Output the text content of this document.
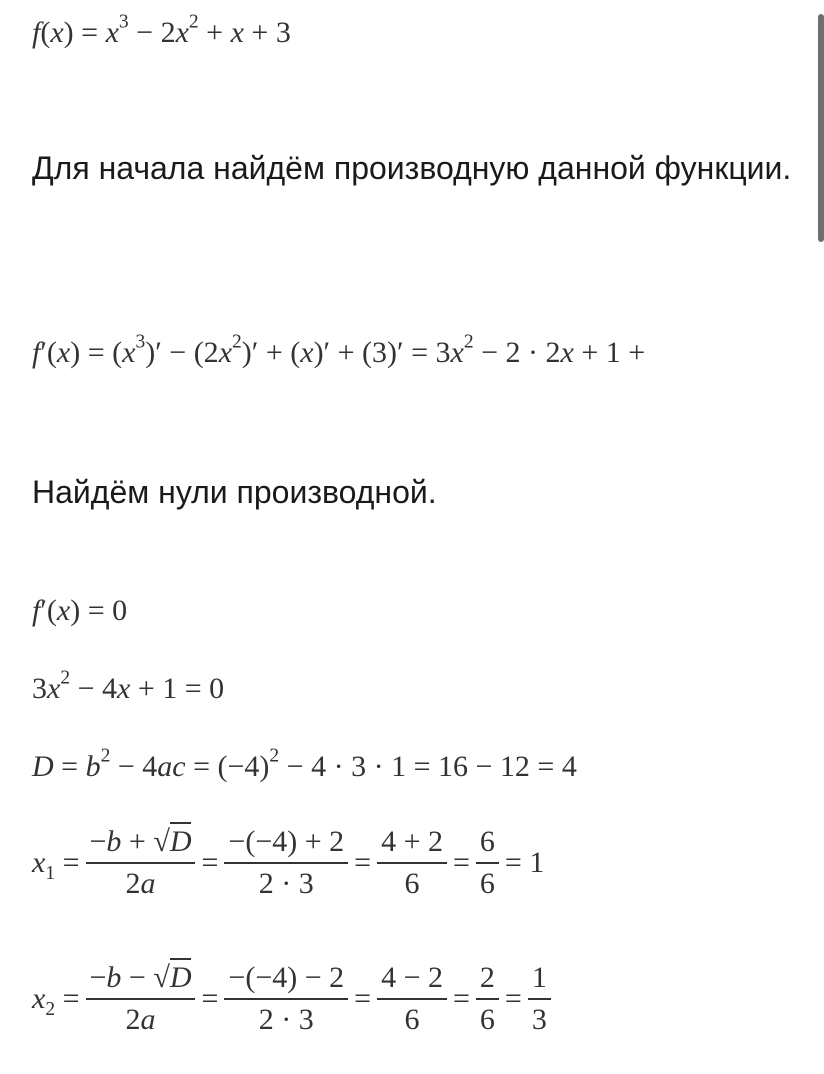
$f(x) = x^3 - 2x^2 + x + 3$
Для начала найдём производную данной функции.
$f'(x) = (x^3)' - (2x^2)' + (x)' + (3)' = 3x^2 - 2 \cdot 2x + 1$ +
Найдём нули производной.
f′(x) = 0
$3x^2 - 4x + 1 = 0$
$D = b^2 - 4ac = (-4)^2 - 4 \cdot 3 \cdot 1 = 16 - 12 = 4$
$x_1 = \frac{-b + √D}{2a} = \frac{-(-4) + 2}{2 \cdot 3} = \frac{4 + 2}{6} = \frac{6}{6} = 1$
$x_2 = \frac{-b - √D}{2a} = \frac{-(-4) - 2}{2 \cdot 3} = \frac{4 - 2}{6} = \frac{2}{6} = \frac{1}{3}$
